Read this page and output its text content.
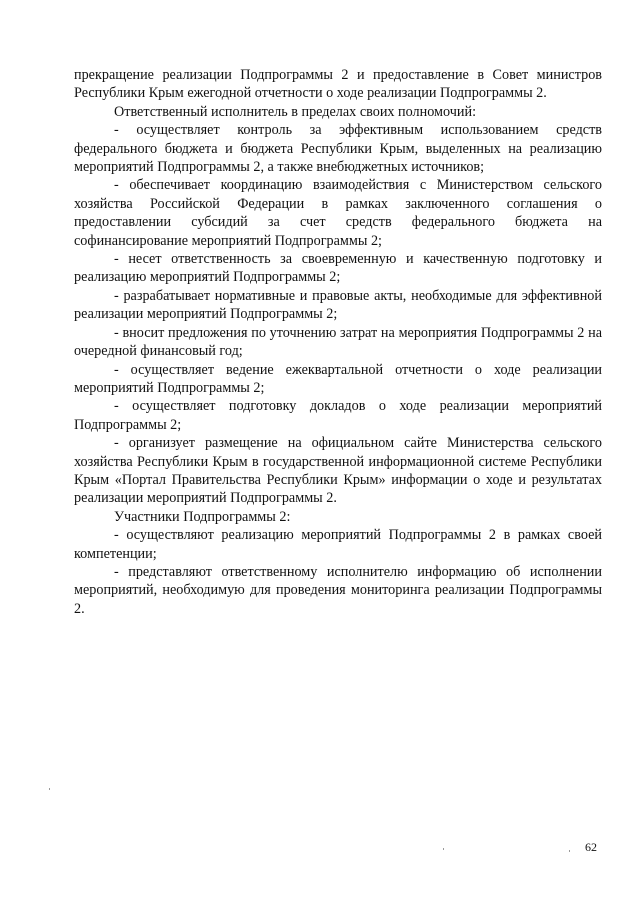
прекращение реализации Подпрограммы 2 и предоставление в Совет министров Республики Крым ежегодной отчетности о ходе реализации Подпрограммы 2.

Ответственный исполнитель в пределах своих полномочий:

- осуществляет контроль за эффективным использованием средств федерального бюджета и бюджета Республики Крым, выделенных на реализацию мероприятий Подпрограммы 2, а также внебюджетных источников;

- обеспечивает координацию взаимодействия с Министерством сельского хозяйства Российской Федерации в рамках заключенного соглашения о предоставлении субсидий за счет средств федерального бюджета на софинансирование мероприятий Подпрограммы 2;

- несет ответственность за своевременную и качественную подготовку и реализацию мероприятий Подпрограммы 2;

- разрабатывает нормативные и правовые акты, необходимые для эффективной реализации мероприятий Подпрограммы 2;

- вносит предложения по уточнению затрат на мероприятия Подпрограммы 2 на очередной финансовый год;

- осуществляет ведение ежеквартальной отчетности о ходе реализации мероприятий Подпрограммы 2;

- осуществляет подготовку докладов о ходе реализации мероприятий Подпрограммы 2;

- организует размещение на официальном сайте Министерства сельского хозяйства Республики Крым в государственной информационной системе Республики Крым «Портал Правительства Республики Крым» информации о ходе и результатах реализации мероприятий Подпрограммы 2.

Участники Подпрограммы 2:

- осуществляют реализацию мероприятий Подпрограммы 2 в рамках своей компетенции;

- представляют ответственному исполнителю информацию об исполнении мероприятий, необходимую для проведения мониторинга реализации Подпрограммы 2.

62
